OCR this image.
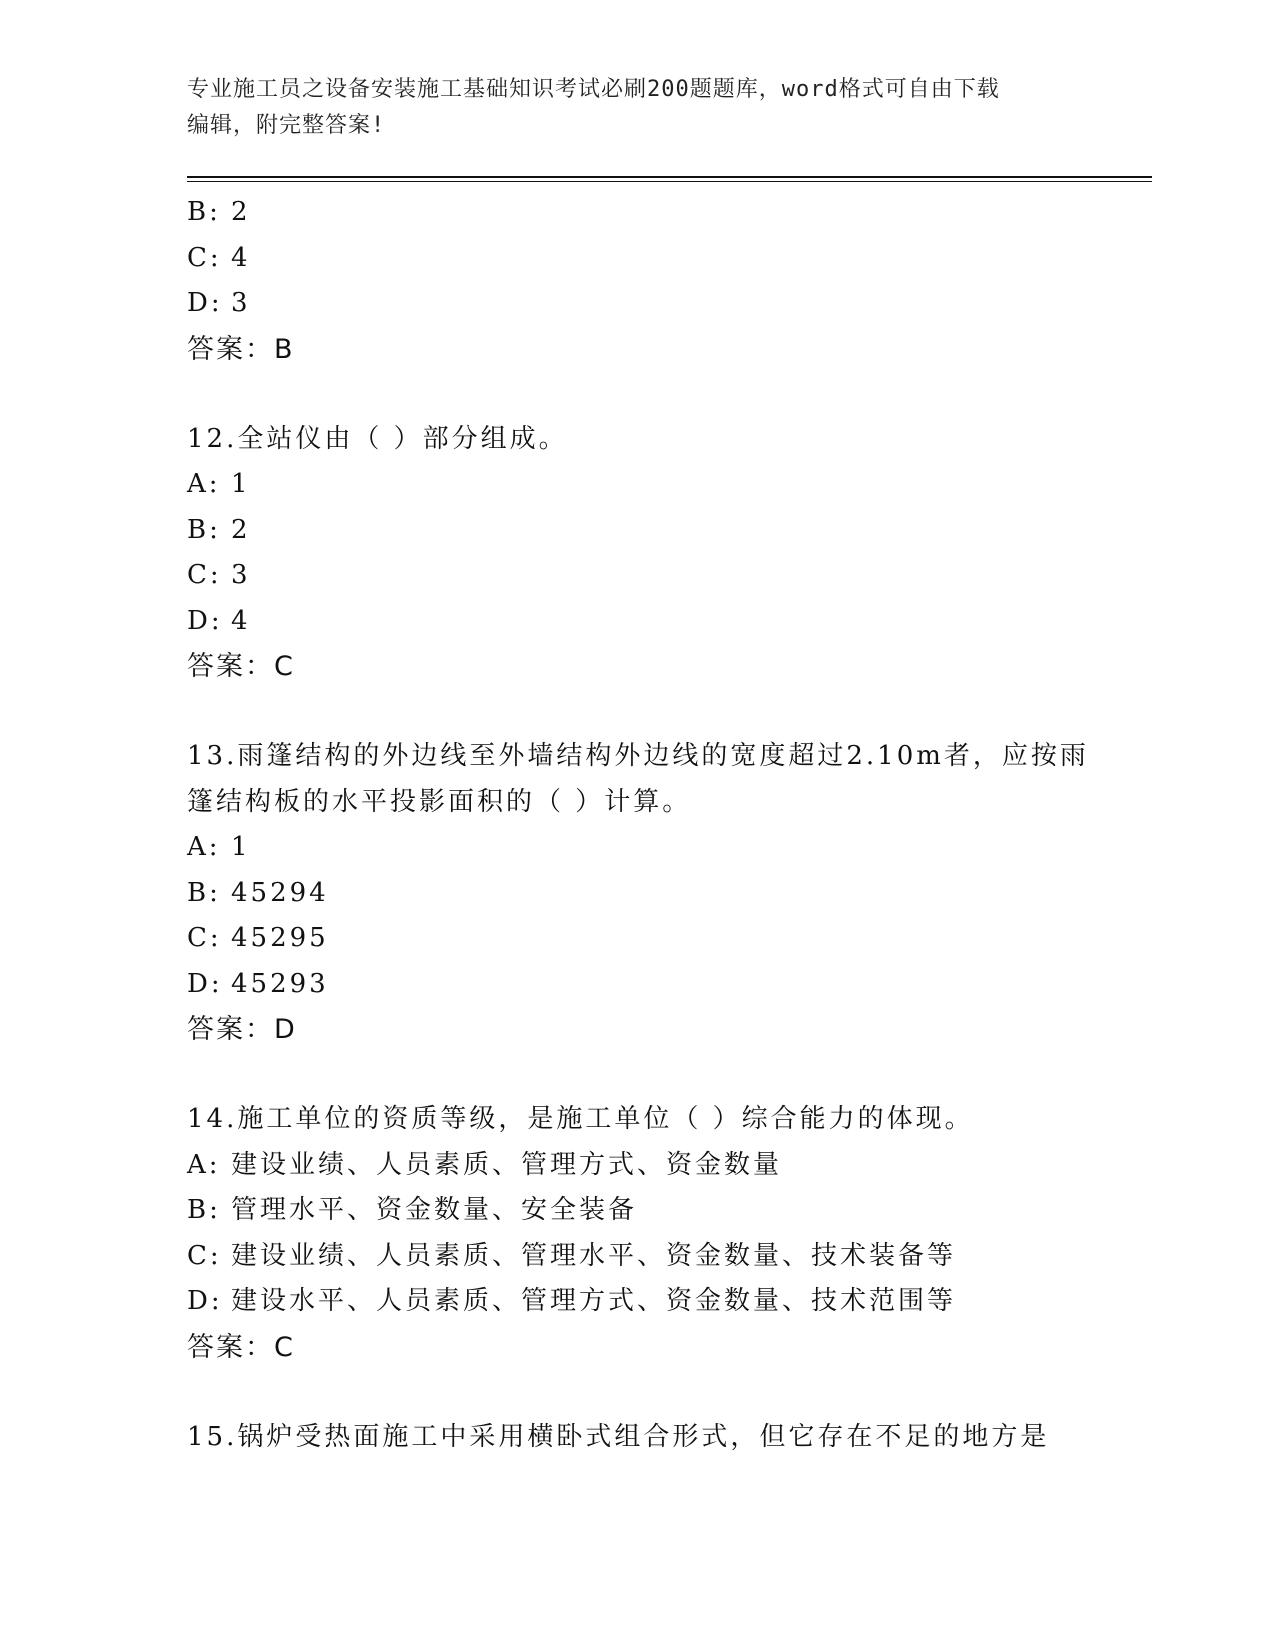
专业施工员之设备安装施工基础知识考试必刷200题题库，word格式可自由下载
编辑，附完整答案!
B: 2
C: 4
D: 3
答案：B
12.全站仪由（ ）部分组成。
A: 1
B: 2
C: 3
D: 4
答案：C
13.雨篷结构的外边线至外墙结构外边线的宽度超过2.10m者，应按雨
篷结构板的水平投影面积的（ ）计算。
A: 1
B: 45294
C: 45295
D: 45293
答案：D
14.施工单位的资质等级，是施工单位（ ）综合能力的体现。
A: 建设业绩、人员素质、管理方式、资金数量
B: 管理水平、资金数量、安全装备
C: 建设业绩、人员素质、管理水平、资金数量、技术装备等
D: 建设水平、人员素质、管理方式、资金数量、技术范围等
答案：C
15.锅炉受热面施工中采用横卧式组合形式，但它存在不足的地方是
